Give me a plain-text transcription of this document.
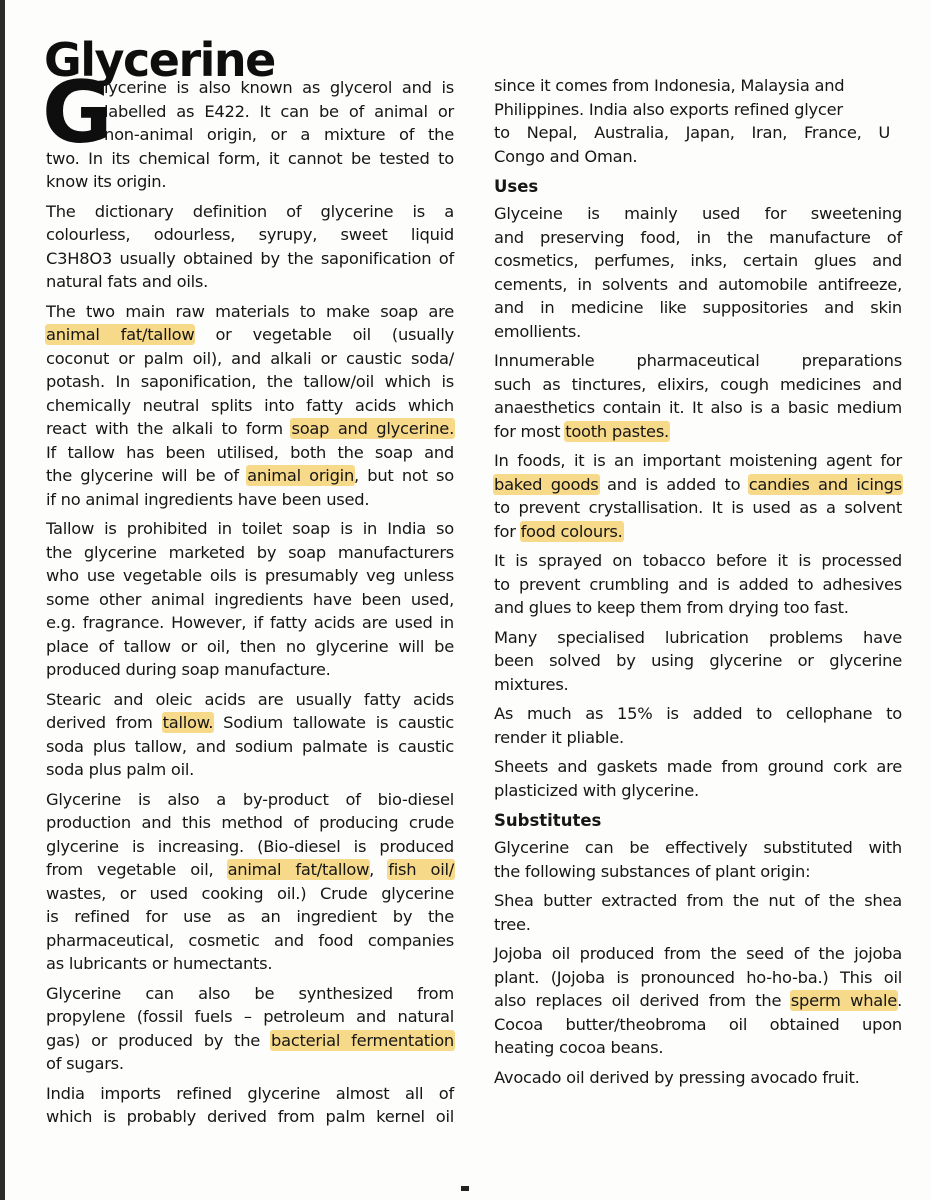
Glycerine
G
lycerine is also known as glycerol and is
labelled as E422. It can be of animal or
non-animal origin, or a mixture of the
two. In its chemical form, it cannot be tested to
know its origin.
The dictionary definition of glycerine is a
colourless, odourless, syrupy, sweet liquid
C3H8O3 usually obtained by the saponification of
natural fats and oils.
The two main raw materials to make soap are
animal fat/tallow or vegetable oil (usually
coconut or palm oil), and alkali or caustic soda/
potash. In saponification, the tallow/oil which is
chemically neutral splits into fatty acids which
react with the alkali to form soap and glycerine.
If tallow has been utilised, both the soap and
the glycerine will be of animal origin, but not so
if no animal ingredients have been used.
Tallow is prohibited in toilet soap is in India so
the glycerine marketed by soap manufacturers
who use vegetable oils is presumably veg unless
some other animal ingredients have been used,
e.g. fragrance. However, if fatty acids are used in
place of tallow or oil, then no glycerine will be
produced during soap manufacture.
Stearic and oleic acids are usually fatty acids
derived from tallow. Sodium tallowate is caustic
soda plus tallow, and sodium palmate is caustic
soda plus palm oil.
Glycerine is also a by-product of bio-diesel
production and this method of producing crude
glycerine is increasing. (Bio-diesel is produced
from vegetable oil, animal fat/tallow, fish oil/
wastes, or used cooking oil.) Crude glycerine
is refined for use as an ingredient by the
pharmaceutical, cosmetic and food companies
as lubricants or humectants.
Glycerine can also be synthesized from
propylene (fossil fuels – petroleum and natural
gas) or produced by the bacterial fermentation
of sugars.
India imports refined glycerine almost all of
which is probably derived from palm kernel oil
since it comes from Indonesia, Malaysia and
Philippines. India also exports refined glycer
to Nepal, Australia, Japan, Iran, France, U
Congo and Oman.
Uses
Glyceine is mainly used for sweetening
and preserving food, in the manufacture of
cosmetics, perfumes, inks, certain glues and
cements, in solvents and automobile antifreeze,
and in medicine like suppositories and skin
emollients.
Innumerable pharmaceutical preparations
such as tinctures, elixirs, cough medicines and
anaesthetics contain it. It also is a basic medium
for most tooth pastes.
In foods, it is an important moistening agent for
baked goods and is added to candies and icings
to prevent crystallisation. It is used as a solvent
for food colours.
It is sprayed on tobacco before it is processed
to prevent crumbling and is added to adhesives
and glues to keep them from drying too fast.
Many specialised lubrication problems have
been solved by using glycerine or glycerine
mixtures.
As much as 15% is added to cellophane to
render it pliable.
Sheets and gaskets made from ground cork are
plasticized with glycerine.
Substitutes
Glycerine can be effectively substituted with
the following substances of plant origin:
Shea butter extracted from the nut of the shea
tree.
Jojoba oil produced from the seed of the jojoba
plant. (Jojoba is pronounced ho-ho-ba.) This oil
also replaces oil derived from the sperm whale.
Cocoa butter/theobroma oil obtained upon
heating cocoa beans.
Avocado oil derived by pressing avocado fruit.
